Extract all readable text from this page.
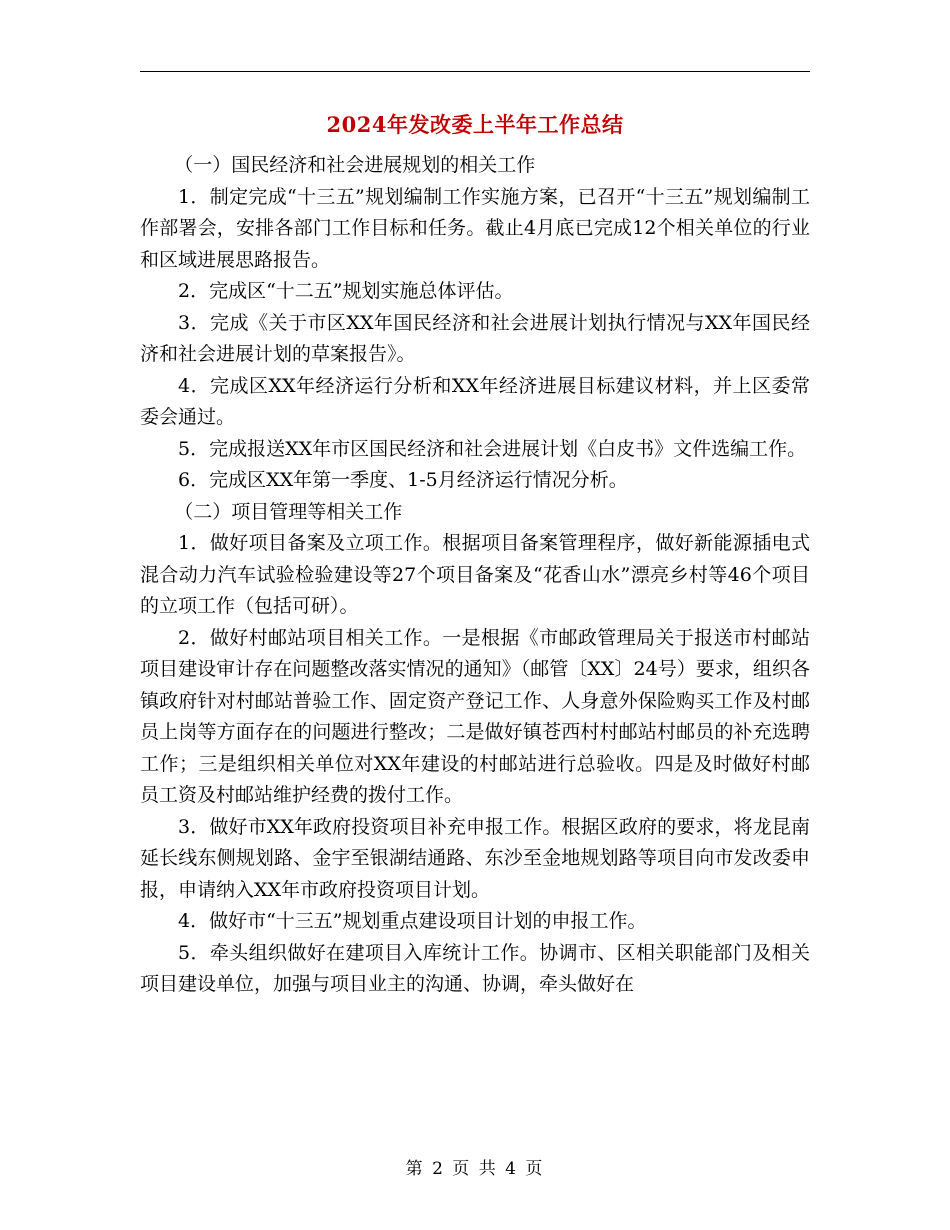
2024年发改委上半年工作总结

（一）国民经济和社会进展规划的相关工作

1．制定完成“十三五”规划编制工作实施方案，已召开“十三五”规划编制工作部署会，安排各部门工作目标和任务。截止4月底已完成12个相关单位的行业和区域进展思路报告。

2．完成区“十二五”规划实施总体评估。

3．完成《关于市区XX年国民经济和社会进展计划执行情况与XX年国民经济和社会进展计划的草案报告》。

4．完成区XX年经济运行分析和XX年经济进展目标建议材料，并上区委常委会通过。

5．完成报送XX年市区国民经济和社会进展计划《白皮书》文件选编工作。

6．完成区XX年第一季度、1-5月经济运行情况分析。

（二）项目管理等相关工作

1．做好项目备案及立项工作。根据项目备案管理程序，做好新能源插电式混合动力汽车试验检验建设等27个项目备案及“花香山水”漂亮乡村等46个项目的立项工作（包括可研）。

2．做好村邮站项目相关工作。一是根据《市邮政管理局关于报送市村邮站项目建设审计存在问题整改落实情况的通知》（邮管〔XX〕24号）要求，组织各镇政府针对村邮站普验工作、固定资产登记工作、人身意外保险购买工作及村邮员上岗等方面存在的问题进行整改；二是做好镇苍西村村邮站村邮员的补充选聘工作；三是组织相关单位对XX年建设的村邮站进行总验收。四是及时做好村邮员工资及村邮站维护经费的拨付工作。

3．做好市XX年政府投资项目补充申报工作。根据区政府的要求，将龙昆南延长线东侧规划路、金宇至银湖结通路、东沙至金地规划路等项目向市发改委申报，申请纳入XX年市政府投资项目计划。

4．做好市“十三五”规划重点建设项目计划的申报工作。

5．牵头组织做好在建项目入库统计工作。协调市、区相关职能部门及相关项目建设单位，加强与项目业主的沟通、协调，牵头做好在

第 2 页 共 4 页
